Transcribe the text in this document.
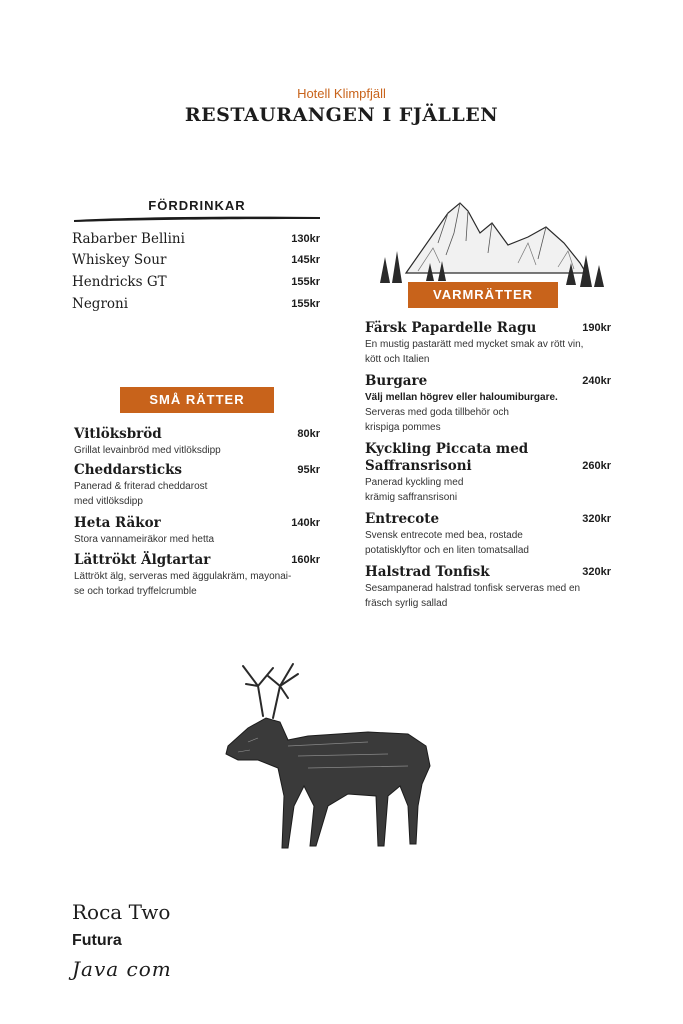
Hotell Klimpfjäll
RESTAURANGEN I FJÄLLEN
FÖRDRINKAR
Rabarber Bellini	130kr
Whiskey Sour	145kr
Hendricks GT	155kr
Negroni	155kr
SMÅ RÄTTER
Vitlöksbröd	80kr
Grillat levainbröd med vitlöksdipp
Cheddarsticks	95kr
Panerad & friterad cheddarost
med vitlöksdipp
Heta Räkor	140kr
Stora vannameiräkor med hetta
Lättrökt Älgtartar	160kr
Lättrökt älg, serveras med äggulakräm, mayonai-
se och torkad tryffelcrumble
VARMRÄTTER
Färsk Papardelle Ragu	190kr
En mustig pastarätt med mycket smak av rött vin,
kött och Italien
Burgare	240kr
Välj mellan högrev eller haloumiburgare.
Serveras med goda tillbehör och
krispiga pommes
Kyckling Piccata med
Saffransrisoni	260kr
Panerad kyckling med
krämig saffransrisoni
Entrecote	320kr
Svensk entrecote med bea, rostade
potatisklyftor och en liten tomatsallad
Halstrad Tonfisk	320kr
Sesampanerad halstrad tonfisk serveras med en
fräsch syrlig sallad
Roca Two
Futura
Java com
